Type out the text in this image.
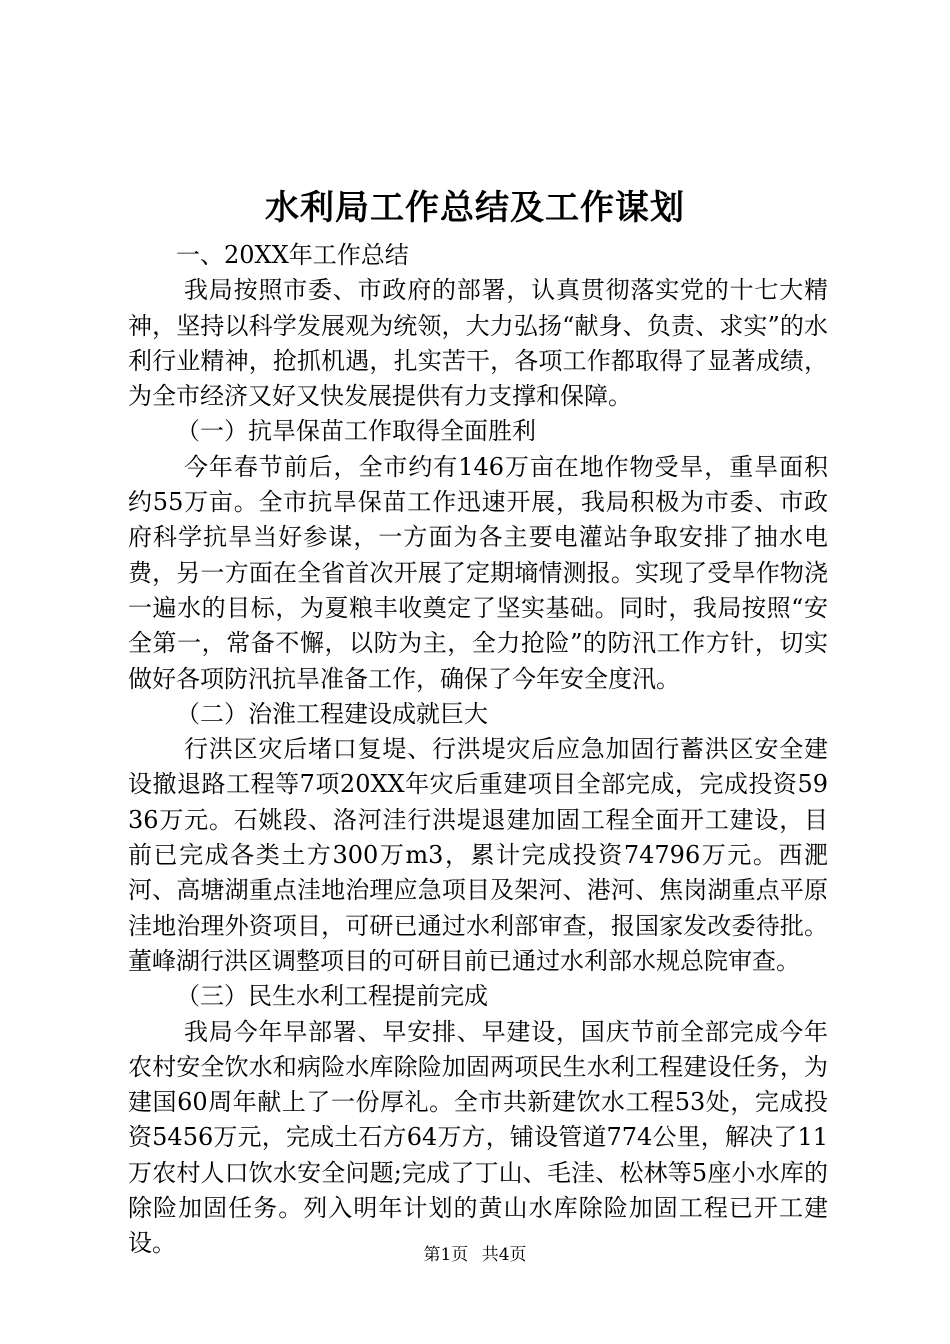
水利局工作总结及工作谋划
一、20XX年工作总结

我局按照市委、市政府的部署，认真贯彻落实党的十七大精神，坚持以科学发展观为统领，大力弘扬“献身、负责、求实”的水利行业精神，抢抓机遇，扎实苦干，各项工作都取得了显著成绩，为全市经济又好又快发展提供有力支撑和保障。

（一）抗旱保苗工作取得全面胜利

今年春节前后，全市约有146万亩在地作物受旱，重旱面积约55万亩。全市抗旱保苗工作迅速开展，我局积极为市委、市政府科学抗旱当好参谋，一方面为各主要电灌站争取安排了抽水电费，另一方面在全省首次开展了定期墒情测报。实现了受旱作物浇一遍水的目标，为夏粮丰收奠定了坚实基础。同时，我局按照“安全第一，常备不懈，以防为主，全力抢险”的防汛工作方针，切实做好各项防汛抗旱准备工作，确保了今年安全度汛。

（二）治淮工程建设成就巨大

行洪区灾后堵口复堤、行洪堤灾后应急加固行蓄洪区安全建设撤退路工程等7项20XX年灾后重建项目全部完成，完成投资5936万元。石姚段、洛河洼行洪堤退建加固工程全面开工建设，目前已完成各类土方300万m3，累计完成投资74796万元。西淝河、高塘湖重点洼地治理应急项目及架河、港河、焦岗湖重点平原洼地治理外资项目，可研已通过水利部审查，报国家发改委待批。董峰湖行洪区调整项目的可研目前已通过水利部水规总院审查。

（三）民生水利工程提前完成

我局今年早部署、早安排、早建设，国庆节前全部完成今年农村安全饮水和病险水库除险加固两项民生水利工程建设任务，为建国60周年献上了一份厚礼。全市共新建饮水工程53处，完成投资5456万元，完成土石方64万方，铺设管道774公里，解决了11万农村人口饮水安全问题;完成了丁山、毛洼、松林等5座小水库的除险加固任务。列入明年计划的黄山水库除险加固工程已开工建设。	第1页 共4页
